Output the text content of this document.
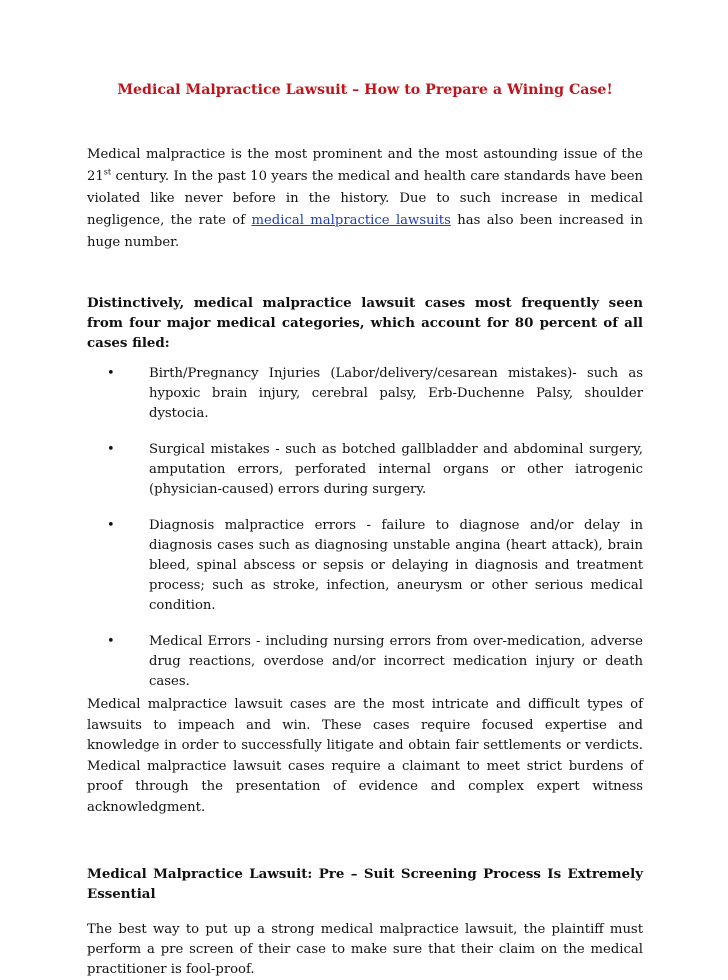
Medical Malpractice Lawsuit – How to Prepare a Wining Case!

Medical malpractice is the most prominent and the most astounding issue of the 21st century. In the past 10 years the medical and health care standards have been violated like never before in the history. Due to such increase in medical negligence, the rate of medical malpractice lawsuits has also been increased in huge number.

Distinctively, medical malpractice lawsuit cases most frequently seen from four major medical categories, which account for 80 percent of all cases filed:

•	Birth/Pregnancy Injuries (Labor/delivery/cesarean mistakes)- such as hypoxic brain injury, cerebral palsy, Erb-Duchenne Palsy, shoulder dystocia.
•	Surgical mistakes - such as botched gallbladder and abdominal surgery, amputation errors, perforated internal organs or other iatrogenic (physician-caused) errors during surgery.
•	Diagnosis malpractice errors - failure to diagnose and/or delay in diagnosis cases such as diagnosing unstable angina (heart attack), brain bleed, spinal abscess or sepsis or delaying in diagnosis and treatment process; such as stroke, infection, aneurysm or other serious medical condition.
•	Medical Errors - including nursing errors from over-medication, adverse drug reactions, overdose and/or incorrect medication injury or death cases.

Medical malpractice lawsuit cases are the most intricate and difficult types of lawsuits to impeach and win. These cases require focused expertise and knowledge in order to successfully litigate and obtain fair settlements or verdicts. Medical malpractice lawsuit cases require a claimant to meet strict burdens of proof through the presentation of evidence and complex expert witness acknowledgment.

Medical Malpractice Lawsuit: Pre – Suit Screening Process Is Extremely Essential

The best way to put up a strong medical malpractice lawsuit, the plaintiff must perform a pre screen of their case to make sure that their claim on the medical practitioner is fool-proof.
